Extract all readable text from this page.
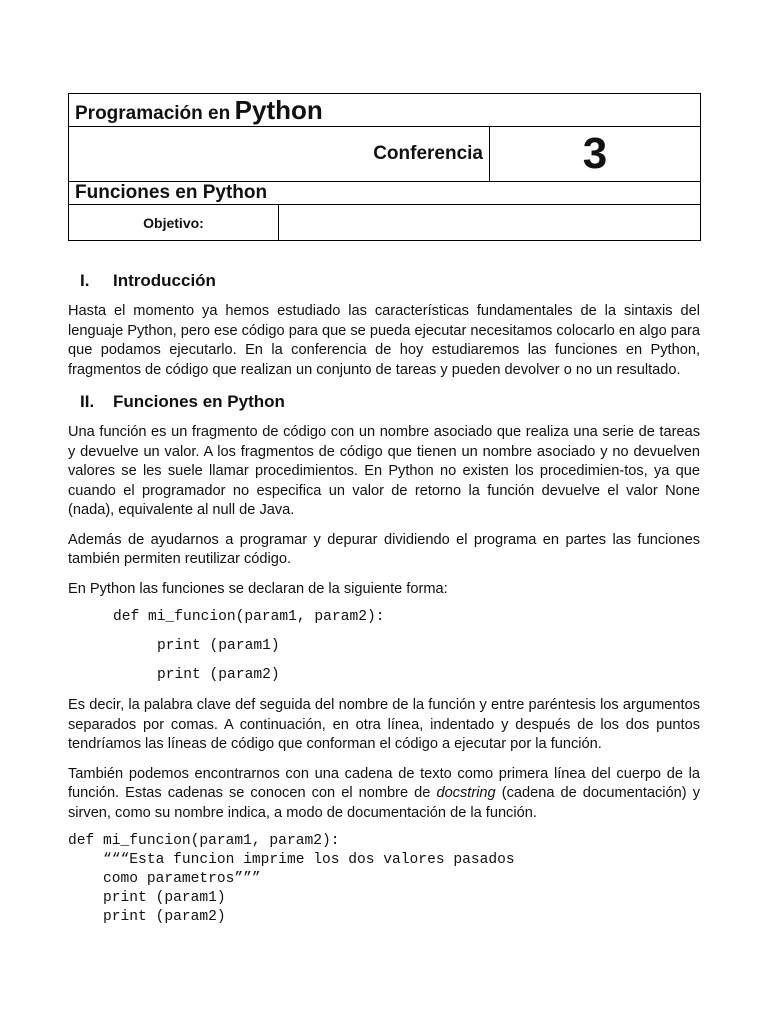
Programación en Python		
Conferencia		3
Funciones en Python		
Objetivo:		
I.	Introducción

Hasta el momento ya hemos estudiado las características fundamentales de la sintaxis del lenguaje Python, pero ese código para que se pueda ejecutar necesitamos colocarlo en algo para que podamos ejecutarlo. En la conferencia de hoy estudiaremos las funciones en Python, fragmentos de código que realizan un conjunto de tareas y pueden devolver o no un resultado.

II.	Funciones en Python

Una función es un fragmento de código con un nombre asociado que realiza una serie de tareas y devuelve un valor. A los fragmentos de código que tienen un nombre asociado y no devuelven valores se les suele llamar procedimientos. En Python no existen los procedimien-tos, ya que cuando el programador no especifica un valor de retorno la función devuelve el valor None (nada), equivalente al null de Java.

Además de ayudarnos a programar y depurar dividiendo el programa en partes las funciones también permiten reutilizar código.

En Python las funciones se declaran de la siguiente forma:

def mi_funcion(param1, param2):
print (param1)
print (param2)

Es decir, la palabra clave def seguida del nombre de la función y entre paréntesis los argumentos separados por comas. A continuación, en otra línea, indentado y después de los dos puntos tendríamos las líneas de código que conforman el código a ejecutar por la función.

También podemos encontrarnos con una cadena de texto como primera línea del cuerpo de la función. Estas cadenas se conocen con el nombre de docstring (cadena de documentación) y sirven, como su nombre indica, a modo de documentación de la función.

def mi_funcion(param1, param2):
“““Esta funcion imprime los dos valores pasados
como parametros”””
print (param1)
print (param2)
